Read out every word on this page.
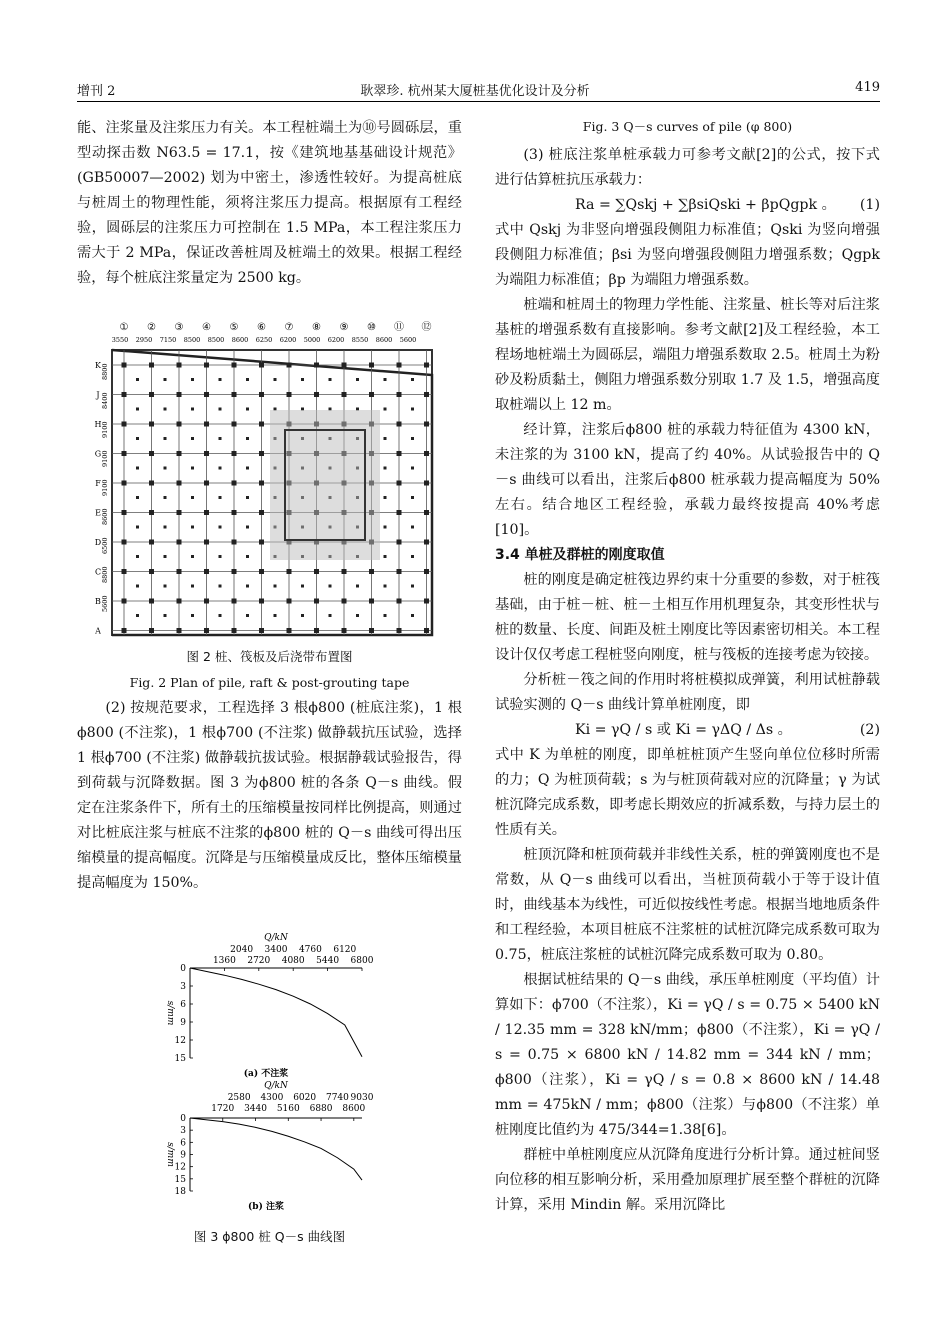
增刊 2	耿翠珍. 杭州某大厦桩基优化设计及分析	419

能、注浆量及注浆压力有关。本工程桩端土为⑩号圆砾层，重型动探击数 N63.5 = 17.1，按《建筑地基基础设计规范》(GB50007—2002) 划为中密土，渗透性较好。为提高桩底与桩周土的物理性能，须将注浆压力提高。根据原有工程经验，圆砾层的注浆压力可控制在 1.5 MPa，本工程注浆压力需大于 2 MPa，保证改善桩周及桩端土的效果。根据工程经验，每个桩底注浆量定为 2500 kg。

① ② ③ ④ ⑤ ⑥ ⑦ ⑧ ⑨ ⑩ ⑪ ⑫
3550 2950 7150 8500 8500 8600 6250 6200 5000 6200 8550 8600 5600
8800
8400
9100
9100
9100
8600
6500
8800
5600
K
J
H
G
F
E
D
C
B
A
图 2 桩、筏板及后浇带布置图
Fig. 2 Plan of pile, raft & post-grouting tape

(2) 按规范要求，工程选择 3 根ϕ800 (桩底注浆)，1 根ϕ800 (不注浆)，1 根ϕ700 (不注浆) 做静载抗压试验，选择 1 根ϕ700 (不注浆) 做静载抗拔试验。根据静载试验报告，得到荷载与沉降数据。图 3 为ϕ800 桩的各条 Q－s 曲线。假定在注浆条件下，所有土的压缩模量按同样比例提高，则通过对比桩底注浆与桩底不注浆的ϕ800 桩的 Q－s 曲线可得出压缩模量的提高幅度。沉降是与压缩模量成反比，整体压缩模量提高幅度为 150%。

Q/kN
2040 3400 4760 6120
1360 2720 4080 5440 6800
0
3
6
9
12
15
s/mm
(a) 不注浆
Q/kN
2580 4300 6020 7740 9030
1720 3440 5160 6880 8600
0
3
6
9
12
15
18
s/mm
(b) 注浆
图 3 ϕ800 桩 Q－s 曲线图
Fig. 3 Q－s curves of pile (φ 800)

(3) 桩底注浆单桩承载力可参考文献[2]的公式，按下式进行估算桩抗压承载力：

Ra = ∑Qskj + ∑βsiQski + βpQgpk 。 (1)

式中 Qskj 为非竖向增强段侧阻力标准值；Qski 为竖向增强段侧阻力标准值；βsi 为竖向增强段侧阻力增强系数；Qgpk 为端阻力标准值；βp 为端阻力增强系数。

桩端和桩周土的物理力学性能、注浆量、桩长等对后注浆基桩的增强系数有直接影响。参考文献[2]及工程经验，本工程场地桩端土为圆砾层，端阻力增强系数取 2.5。桩周土为粉砂及粉质黏土，侧阻力增强系数分别取 1.7 及 1.5，增强高度取桩端以上 12 m。

经计算，注浆后ϕ800 桩的承载力特征值为 4300 kN，未注浆的为 3100 kN，提高了约 40%。从试验报告中的 Q－s 曲线可以看出，注浆后ϕ800 桩承载力提高幅度为 50%左右。结合地区工程经验，承载力最终按提高 40%考虑[10]。

3.4 单桩及群桩的刚度取值

桩的刚度是确定桩筏边界约束十分重要的参数，对于桩筏基础，由于桩－桩、桩－土相互作用机理复杂，其变形性状与桩的数量、长度、间距及桩土刚度比等因素密切相关。本工程设计仅仅考虑工程桩竖向刚度，桩与筏板的连接考虑为铰接。

分析桩－筏之间的作用时将桩模拟成弹簧，利用试桩静载试验实测的 Q－s 曲线计算单桩刚度，即

Ki = γQ / s 或 Ki = γΔQ / Δs 。	(2)

式中 K 为单桩的刚度，即单桩桩顶产生竖向单位位移时所需的力；Q 为桩顶荷载；s 为与桩顶荷载对应的沉降量；γ 为试桩沉降完成系数，即考虑长期效应的折减系数，与持力层土的性质有关。

桩顶沉降和桩顶荷载并非线性关系，桩的弹簧刚度也不是常数，从 Q－s 曲线可以看出，当桩顶荷载小于等于设计值时，曲线基本为线性，可近似按线性考虑。根据当地地质条件和工程经验，本项目桩底不注浆桩的试桩沉降完成系数可取为 0.75，桩底注浆桩的试桩沉降完成系数可取为 0.80。

根据试桩结果的 Q－s 曲线，承压单桩刚度（平均值）计算如下：ϕ700（不注浆），Ki = γQ / s = 0.75 × 5400 kN / 12.35 mm = 328 kN/mm；ϕ800（不注浆），Ki = γQ / s = 0.75 × 6800 kN / 14.82 mm = 344 kN / mm；ϕ800（注浆），Ki = γQ / s = 0.8 × 8600 kN / 14.48 mm = 475kN / mm；ϕ800（注浆）与ϕ800（不注浆）单桩刚度比值约为 475/344=1.38[6]。

群桩中单桩刚度应从沉降角度进行分析计算。通过桩间竖向位移的相互影响分析，采用叠加原理扩展至整个群桩的沉降计算，采用 Mindin 解。采用沉降比
